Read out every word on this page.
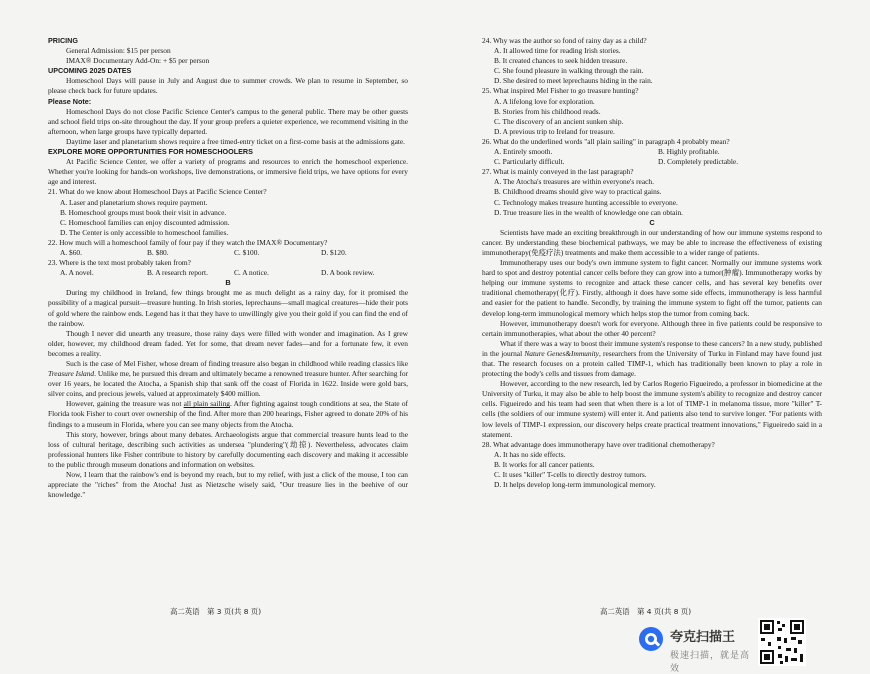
PRICING

General Admission: $15 per person

IMAX® Documentary Add-On: + $5 per person

UPCOMING 2025 DATES

Homeschool Days will pause in July and August due to summer crowds. We plan to resume in September, so please check back for future updates.

Please Note:

Homeschool Days do not close Pacific Science Center's campus to the general public. There may be other guests and school field trips on-site throughout the day. If your group prefers a quieter experience, we recommend visiting in the afternoon, when large groups have typically departed.

Daytime laser and planetarium shows require a free timed-entry ticket on a first-come basis at the admissions gate.

EXPLORE MORE OPPORTUNITIES FOR HOMESCHOOLERS

At Pacific Science Center, we offer a variety of programs and resources to enrich the homeschool experience. Whether you're looking for hands-on workshops, live demonstrations, or immersive field trips, we have options for every age and interest.

21. What do we know about Homeschool Days at Pacific Science Center?

A. Laser and planetarium shows require payment.

B. Homeschool groups must book their visit in advance.

C. Homeschool families can enjoy discounted admission.

D. The Center is only accessible to homeschool families.

22. How much will a homeschool family of four pay if they watch the IMAX® Documentary?

A. $60.	B. $80.	C. $100.	D. $120.

23. Where is the text most probably taken from?

A. A novel.	B. A research report.	C. A notice.	D. A book review.

B

During my childhood in Ireland, few things brought me as much delight as a rainy day, for it promised the possibility of a magical pursuit—treasure hunting. In Irish stories, leprechauns—small magical creatures—hide their pots of gold where the rainbow ends. Legend has it that they have to unwillingly give you their gold if you can find the end of the rainbow.

Though I never did unearth any treasure, those rainy days were filled with wonder and imagination. As I grew older, however, my childhood dream faded. Yet for some, that dream never fades—and for a fortunate few, it even becomes a reality.

Such is the case of Mel Fisher, whose dream of finding treasure also began in childhood while reading classics like Treasure Island. Unlike me, he pursued this dream and ultimately became a renowned treasure hunter. After searching for over 16 years, he located the Atocha, a Spanish ship that sank off the coast of Florida in 1622. Inside were gold bars, silver coins, and precious jewels, valued at approximately $400 million.

However, gaining the treasure was not all plain sailing. After fighting against tough conditions at sea, the State of Florida took Fisher to court over ownership of the find. After more than 200 hearings, Fisher agreed to donate 20% of his findings to a museum in Florida, where you can see many objects from the Atocha.

This story, however, brings about many debates. Archaeologists argue that commercial treasure hunts lead to the loss of cultural heritage, describing such activities as undersea "plundering"(劫掠). Nevertheless, advocates claim professional hunters like Fisher contribute to history by carefully documenting each discovery and making it accessible to the public through museum donations and information on websites.

Now, I learn that the rainbow's end is beyond my reach, but to my relief, with just a click of the mouse, I too can appreciate the "riches" from the Atocha! Just as Nietzsche wisely said, "Our treasure lies in the beehive of our knowledge."

高二英语　第 3 页(共 8 页)

24. Why was the author so fond of rainy day as a child?

A. It allowed time for reading Irish stories.

B. It created chances to seek hidden treasure.

C. She found pleasure in walking through the rain.

D. She desired to meet leprechauns hiding in the rain.

25. What inspired Mel Fisher to go treasure hunting?

A. A lifelong love for exploration.

B. Stories from his childhood reads.

C. The discovery of an ancient sunken ship.

D. A previous trip to Ireland for treasure.

26. What do the underlined words "all plain sailing" in paragraph 4 probably mean?

A. Entirely smooth.	B. Highly profitable.
C. Particularly difficult.	D. Completely predictable.

27. What is mainly conveyed in the last paragraph?

A. The Atocha's treasures are within everyone's reach.

B. Childhood dreams should give way to practical gains.

C. Technology makes treasure hunting accessible to everyone.

D. True treasure lies in the wealth of knowledge one can obtain.

C

Scientists have made an exciting breakthrough in our understanding of how our immune systems respond to cancer. By understanding these biochemical pathways, we may be able to increase the effectiveness of existing immunotherapy(免疫疗法) treatments and make them accessible to a wider range of patients.

Immunotherapy uses our body's own immune system to fight cancer. Normally our immune systems work hard to spot and destroy potential cancer cells before they can grow into a tumor(肿瘤). Immunotherapy works by helping our immune systems to recognize and attack these cancer cells, and has several key benefits over traditional chemotherapy(化疗). Firstly, although it does have some side effects, immunotherapy is less harmful and easier for the patient to handle. Secondly, by training the immune system to fight off the tumor, patients can develop long-term immunological memory which helps stop the tumor from coming back.

However, immunotherapy doesn't work for everyone. Although three in five patients could be responsive to certain immunotherapies, what about the other 40 percent?

What if there was a way to boost their immune system's response to these cancers? In a new study, published in the journal Nature Genes&Immunity, researchers from the University of Turku in Finland may have found just that. The research focuses on a protein called TIMP-1, which has traditionally been known to play a role in protecting the body's cells and tissues from damage.

However, according to the new research, led by Carlos Rogerio Figueiredo, a professor in biomedicine at the University of Turku, it may also be able to help boost the immune system's ability to recognize and destroy cancer cells. Figueiredo and his team had seen that when there is a lot of TIMP-1 in melanoma tissue, more "killer" T-cells (the soldiers of our immune system) will enter it. And patients also tend to survive longer. "For patients with low levels of TIMP-1 expression, our discovery helps create practical treatment innovations," Figueiredo said in a statement.

28. What advantage does immunotherapy have over traditional chemotherapy?

A. It has no side effects.

B. It works for all cancer patients.

C. It uses "killer" T-cells to directly destroy tumors.

D. It helps develop long-term immunological memory.

高二英语　第 4 页(共 8 页)
夸克扫描王
极速扫描，就是高效
